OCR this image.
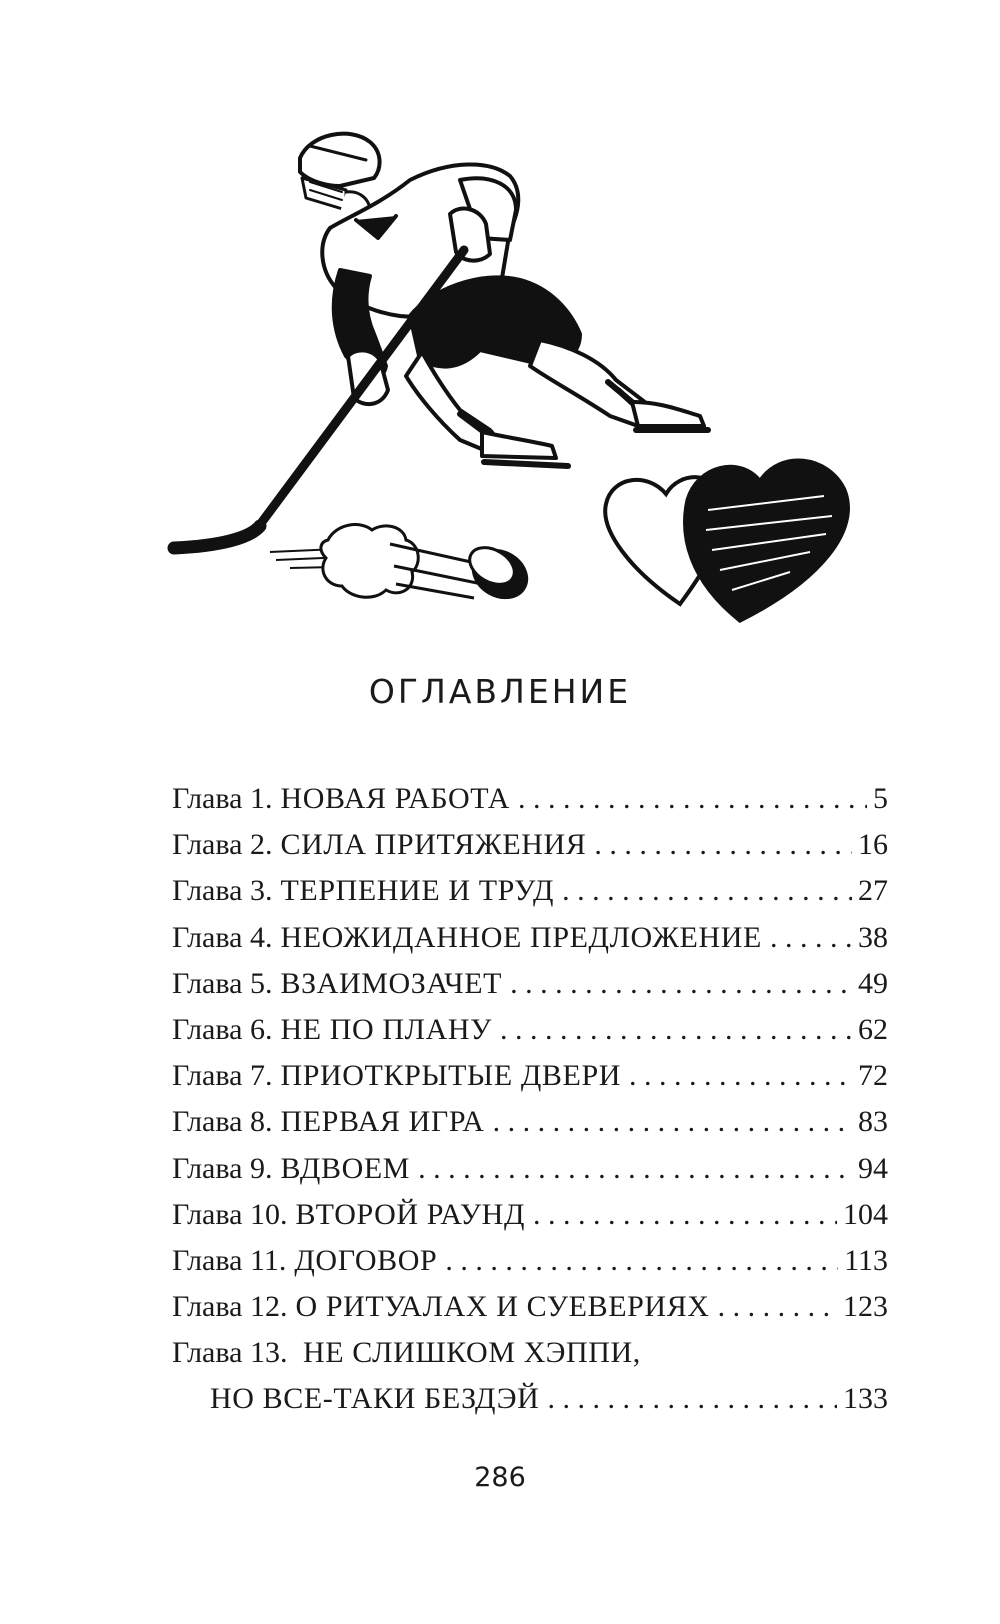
ОГЛАВЛЕНИЕ
Глава 1. НОВАЯ РАБОТА . . .	5
Глава 2. СИЛА ПРИТЯЖЕНИЯ . . .	16
Глава 3. ТЕРПЕНИЕ И ТРУД . . .	27
Глава 4. НЕОЖИДАННОЕ ПРЕДЛОЖЕНИЕ . . .	38
Глава 5. ВЗАИМОЗАЧЕТ . . .	49
Глава 6. НЕ ПО ПЛАНУ . . .	62
Глава 7. ПРИОТКРЫТЫЕ ДВЕРИ . . .	72
Глава 8. ПЕРВАЯ ИГРА . . .	83
Глава 9. ВДВОЕМ . . .	94
Глава 10. ВТОРОЙ РАУНД . . .	104
Глава 11. ДОГОВОР . . .	113
Глава 12. О РИТУАЛАХ И СУЕВЕРИЯХ . . .	123
Глава 13. НЕ СЛИШКОМ ХЭППИ,
НО ВСЕ-ТАКИ БЕЗДЭЙ . . .	133
286
